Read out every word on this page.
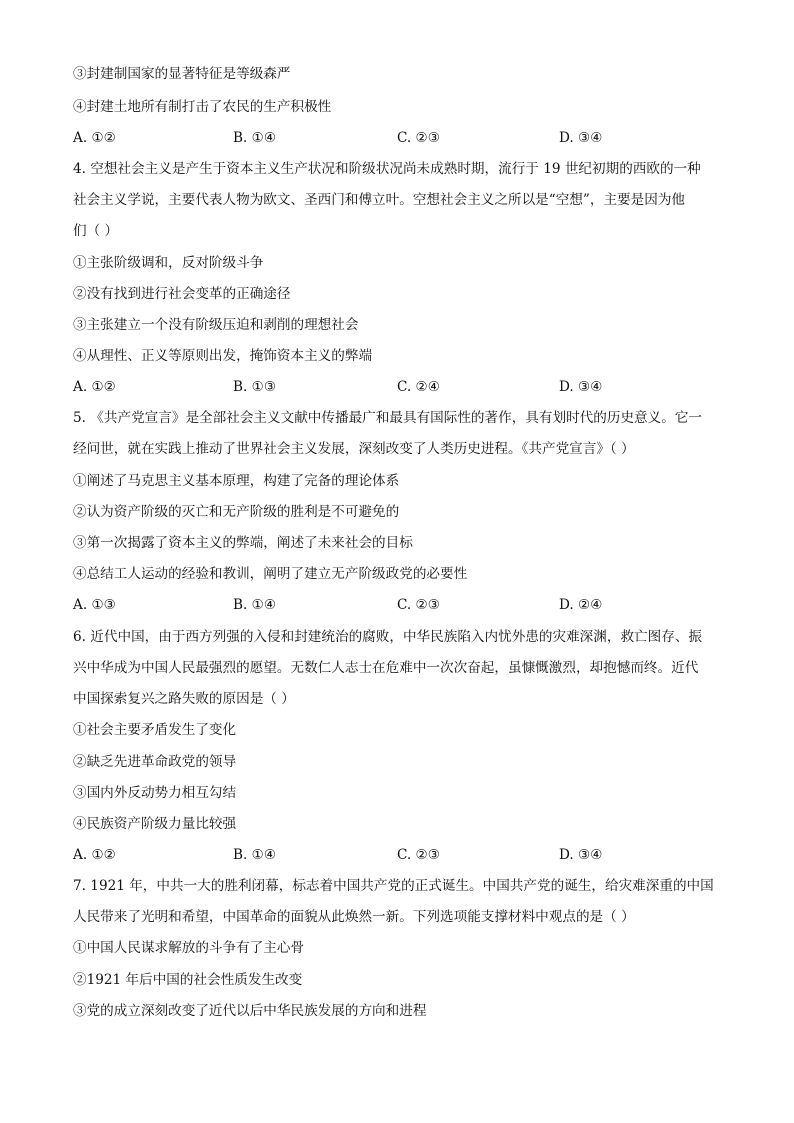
③封建制国家的显著特征是等级森严
④封建土地所有制打击了农民的生产积极性
A. ①②	B. ①④	C. ②③	D. ③④
4. 空想社会主义是产生于资本主义生产状况和阶级状况尚未成熟时期，流行于 19 世纪初期的西欧的一种
社会主义学说，主要代表人物为欧文、圣西门和傅立叶。空想社会主义之所以是“空想”，主要是因为他
们（ ）
①主张阶级调和，反对阶级斗争
②没有找到进行社会变革的正确途径
③主张建立一个没有阶级压迫和剥削的理想社会
④从理性、正义等原则出发，掩饰资本主义的弊端
A. ①②	B. ①③	C. ②④	D. ③④
5. 《共产党宣言》是全部社会主义文献中传播最广和最具有国际性的著作，具有划时代的历史意义。它一
经问世，就在实践上推动了世界社会主义发展，深刻改变了人类历史进程。《共产党宣言》（ ）
①阐述了马克思主义基本原理，构建了完备的理论体系
②认为资产阶级的灭亡和无产阶级的胜利是不可避免的
③第一次揭露了资本主义的弊端，阐述了未来社会的目标
④总结工人运动的经验和教训，阐明了建立无产阶级政党的必要性
A. ①③	B. ①④	C. ②③	D. ②④
6. 近代中国，由于西方列强的入侵和封建统治的腐败，中华民族陷入内忧外患的灾难深渊，救亡图存、振
兴中华成为中国人民最强烈的愿望。无数仁人志士在危难中一次次奋起，虽慷慨激烈，却抱憾而终。近代
中国探索复兴之路失败的原因是（ ）
①社会主要矛盾发生了变化
②缺乏先进革命政党的领导
③国内外反动势力相互勾结
④民族资产阶级力量比较强
A. ①②	B. ①④	C. ②③	D. ③④
7. 1921 年，中共一大的胜利闭幕，标志着中国共产党的正式诞生。中国共产党的诞生，给灾难深重的中国
人民带来了光明和希望，中国革命的面貌从此焕然一新。下列选项能支撑材料中观点的是（ ）
①中国人民谋求解放的斗争有了主心骨
②1921 年后中国的社会性质发生改变
③党的成立深刻改变了近代以后中华民族发展的方向和进程
